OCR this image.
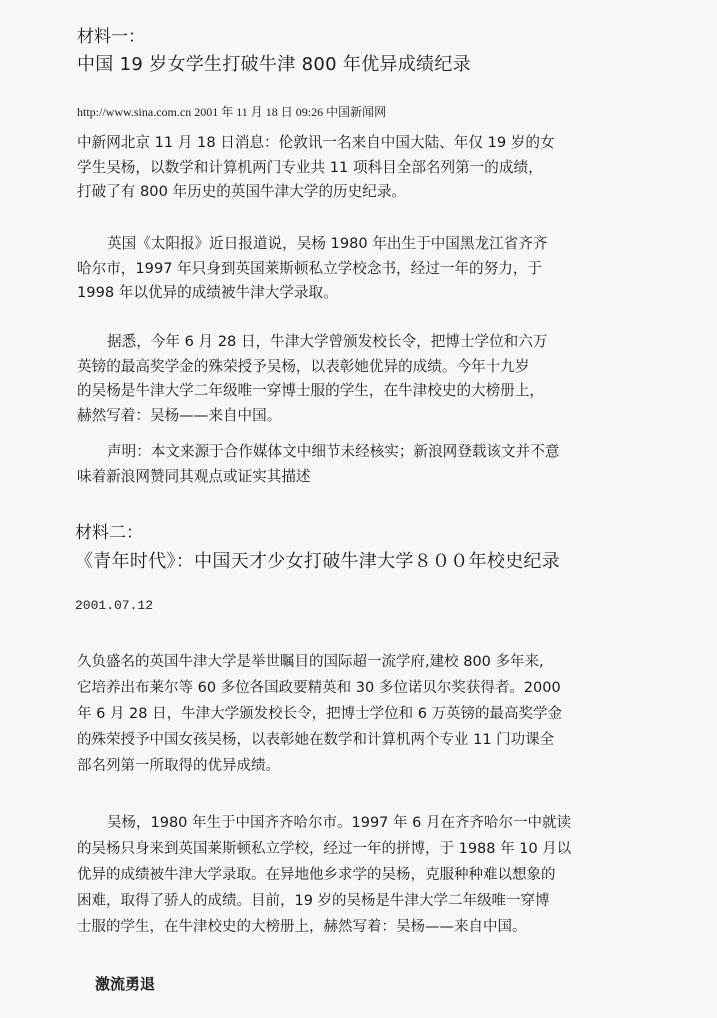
材料一：
中国 19 岁女学生打破牛津 800 年优异成绩纪录
http://www.sina.com.cn 2001 年 11 月 18 日 09:26 中国新闻网
中新网北京 11 月 18 日消息：伦敦讯一名来自中国大陆、年仅 19 岁的女
学生吴杨，以数学和计算机两门专业共 11 项科目全部名列第一的成绩，
打破了有 800 年历史的英国牛津大学的历史纪录。
英国《太阳报》近日报道说，吴杨 1980 年出生于中国黑龙江省齐齐
哈尔市，1997 年只身到英国莱斯顿私立学校念书，经过一年的努力，于
1998 年以优异的成绩被牛津大学录取。
据悉，今年 6 月 28 日，牛津大学曾颁发校长令，把博士学位和六万
英镑的最高奖学金的殊荣授予吴杨，以表彰她优异的成绩。今年十九岁
的吴杨是牛津大学二年级唯一穿博士服的学生，在牛津校史的大榜册上，
赫然写着：吴杨——来自中国。
声明：本文来源于合作媒体文中细节未经核实；新浪网登载该文并不意
味着新浪网赞同其观点或证实其描述
材料二：
《青年时代》：中国天才少女打破牛津大学８００年校史纪录
2001.07.12
久负盛名的英国牛津大学是举世瞩目的国际超一流学府,建校 800 多年来,
它培养出布莱尔等 60 多位各国政要精英和 30 多位诺贝尔奖获得者。2000
年 6 月 28 日，牛津大学颁发校长令，把博士学位和 6 万英镑的最高奖学金
的殊荣授予中国女孩吴杨，以表彰她在数学和计算机两个专业 11 门功课全
部名列第一所取得的优异成绩。
吴杨，1980 年生于中国齐齐哈尔市。1997 年 6 月在齐齐哈尔一中就读
的吴杨只身来到英国莱斯顿私立学校，经过一年的拼博，于 1988 年 10 月以
优异的成绩被牛津大学录取。在异地他乡求学的吴杨，克服种种难以想象的
困难，取得了骄人的成绩。目前，19 岁的吴杨是牛津大学二年级唯一穿博
士服的学生，在牛津校史的大榜册上，赫然写着：吴杨——来自中国。
激流勇退
